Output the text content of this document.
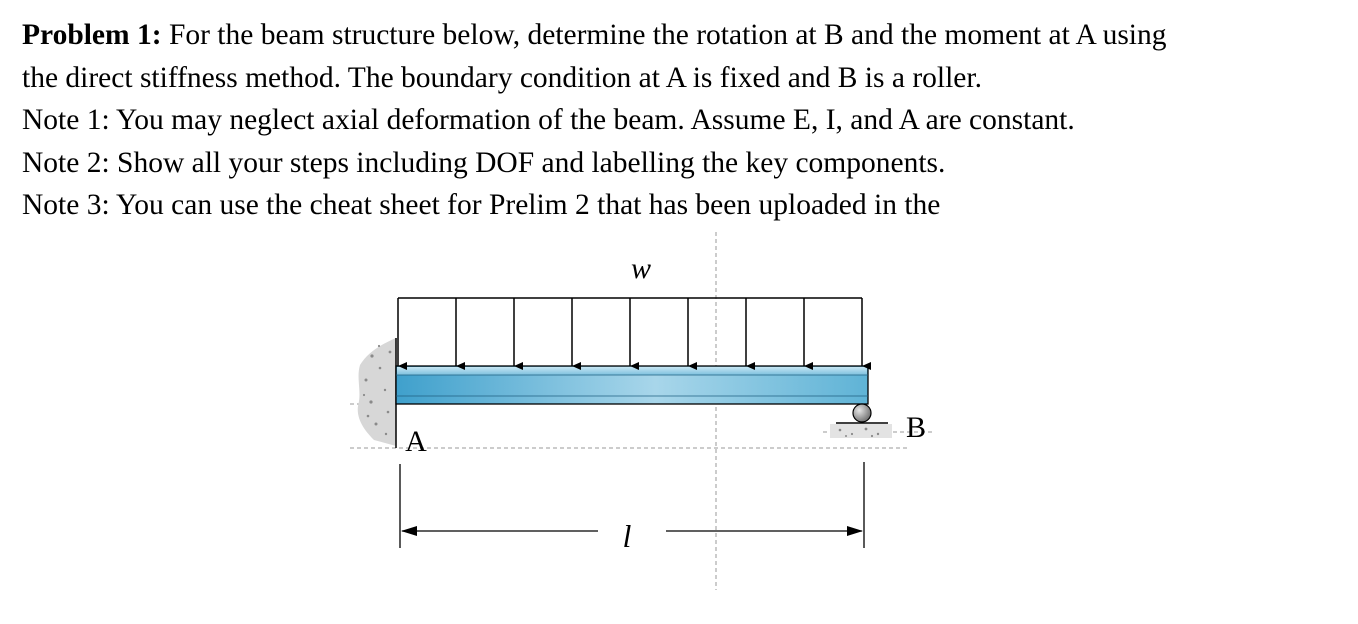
Problem 1: For the beam structure below, determine the rotation at B and the moment at A using
the direct stiffness method. The boundary condition at A is fixed and B is a roller.
Note 1: You may neglect axial deformation of the beam. Assume E, I, and A are constant.
Note 2: Show all your steps including DOF and labelling the key components.
Note 3: You can use the cheat sheet for Prelim 2 that has been uploaded in the
w
A	B
l
